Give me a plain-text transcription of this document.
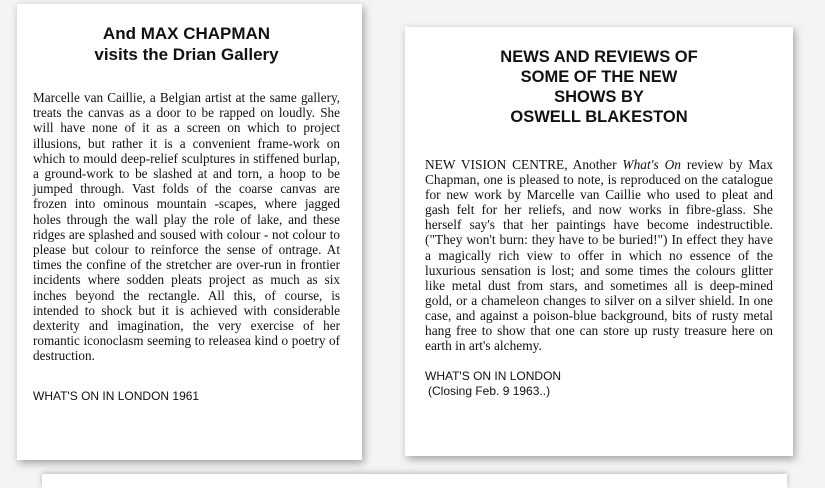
And MAX CHAPMAN
visits the Drian Gallery

Marcelle van Caillie, a Belgian artist at the same gallery, treats the canvas as a door to be rapped on loudly. She will have none of it as a screen on which to project illusions, but rather it is a convenient frame-work on which to mould deep-relief sculptures in stiffened burlap, a ground-work to be slashed at and torn, a hoop to be jumped through. Vast folds of the coarse canvas are frozen into ominous mountain -scapes, where jagged holes through the wall play the role of lake, and these ridges are splashed and soused with colour - not colour to please but colour to reinforce the sense of ontrage. At times the confine of the stretcher are over-run in frontier incidents where sodden pleats project as much as six inches beyond the rectangle. All this, of course, is intended to shock but it is achieved with considerable dexterity and imagination, the very exercise of her romantic iconoclasm seeming to releasea kind o poetry of destruction.

WHAT'S ON IN LONDON 1961

NEWS AND REVIEWS OF
SOME OF THE NEW
SHOWS BY
OSWELL BLAKESTON

NEW VISION CENTRE, Another What's On review by Max Chapman, one is pleased to note, is reproduced on the catalogue for new work by Marcelle van Caillie who used to pleat and gash felt for her reliefs, and now works in fibre-glass. She herself say's that her paintings have become indestructible. ("They won't burn: they have to be buried!") In effect they have a magically rich view to offer in which no essence of the luxurious sensation is lost; and some times the colours glitter like metal dust from stars, and sometimes all is deep-mined gold, or a chameleon changes to silver on a silver shield. In one case, and against a poison-blue background, bits of rusty metal hang free to show that one can store up rusty treasure here on earth in art's alchemy.

WHAT'S ON IN LONDON
(Closing Feb. 9 1963..)
